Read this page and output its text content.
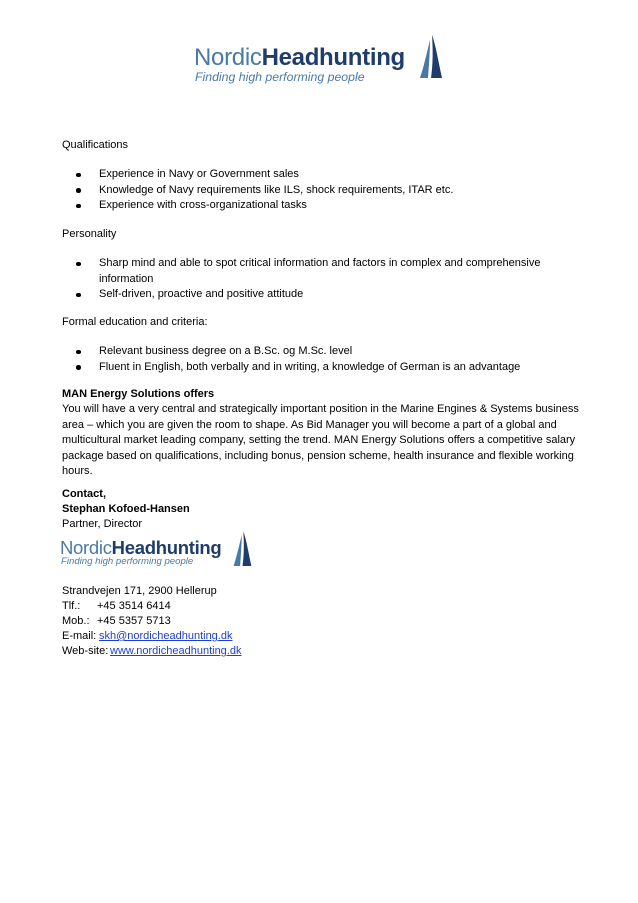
NordicHeadhunting
Finding high performing people
Qualifications
Experience in Navy or Government sales
Knowledge of Navy requirements like ILS, shock requirements, ITAR etc.
Experience with cross-organizational tasks
Personality
Sharp mind and able to spot critical information and factors in complex and comprehensive
information
Self-driven, proactive and positive attitude
Formal education and criteria:
Relevant business degree on a B.Sc. og M.Sc. level
Fluent in English, both verbally and in writing, a knowledge of German is an advantage
MAN Energy Solutions offers
You will have a very central and strategically important position in the Marine Engines & Systems business
area – which you are given the room to shape. As Bid Manager you will become a part of a global and
multicultural market leading company, setting the trend. MAN Energy Solutions offers a competitive salary
package based on qualifications, including bonus, pension scheme, health insurance and flexible working
hours.
Contact,
Stephan Kofoed-Hansen
Partner, Director
NordicHeadhunting
Finding high performing people
Strandvejen 171, 2900 Hellerup
Tlf.: +45 3514 6414
Mob.: +45 5357 5713
E-mail: skh@nordicheadhunting.dk
Web-site: www.nordicheadhunting.dk
